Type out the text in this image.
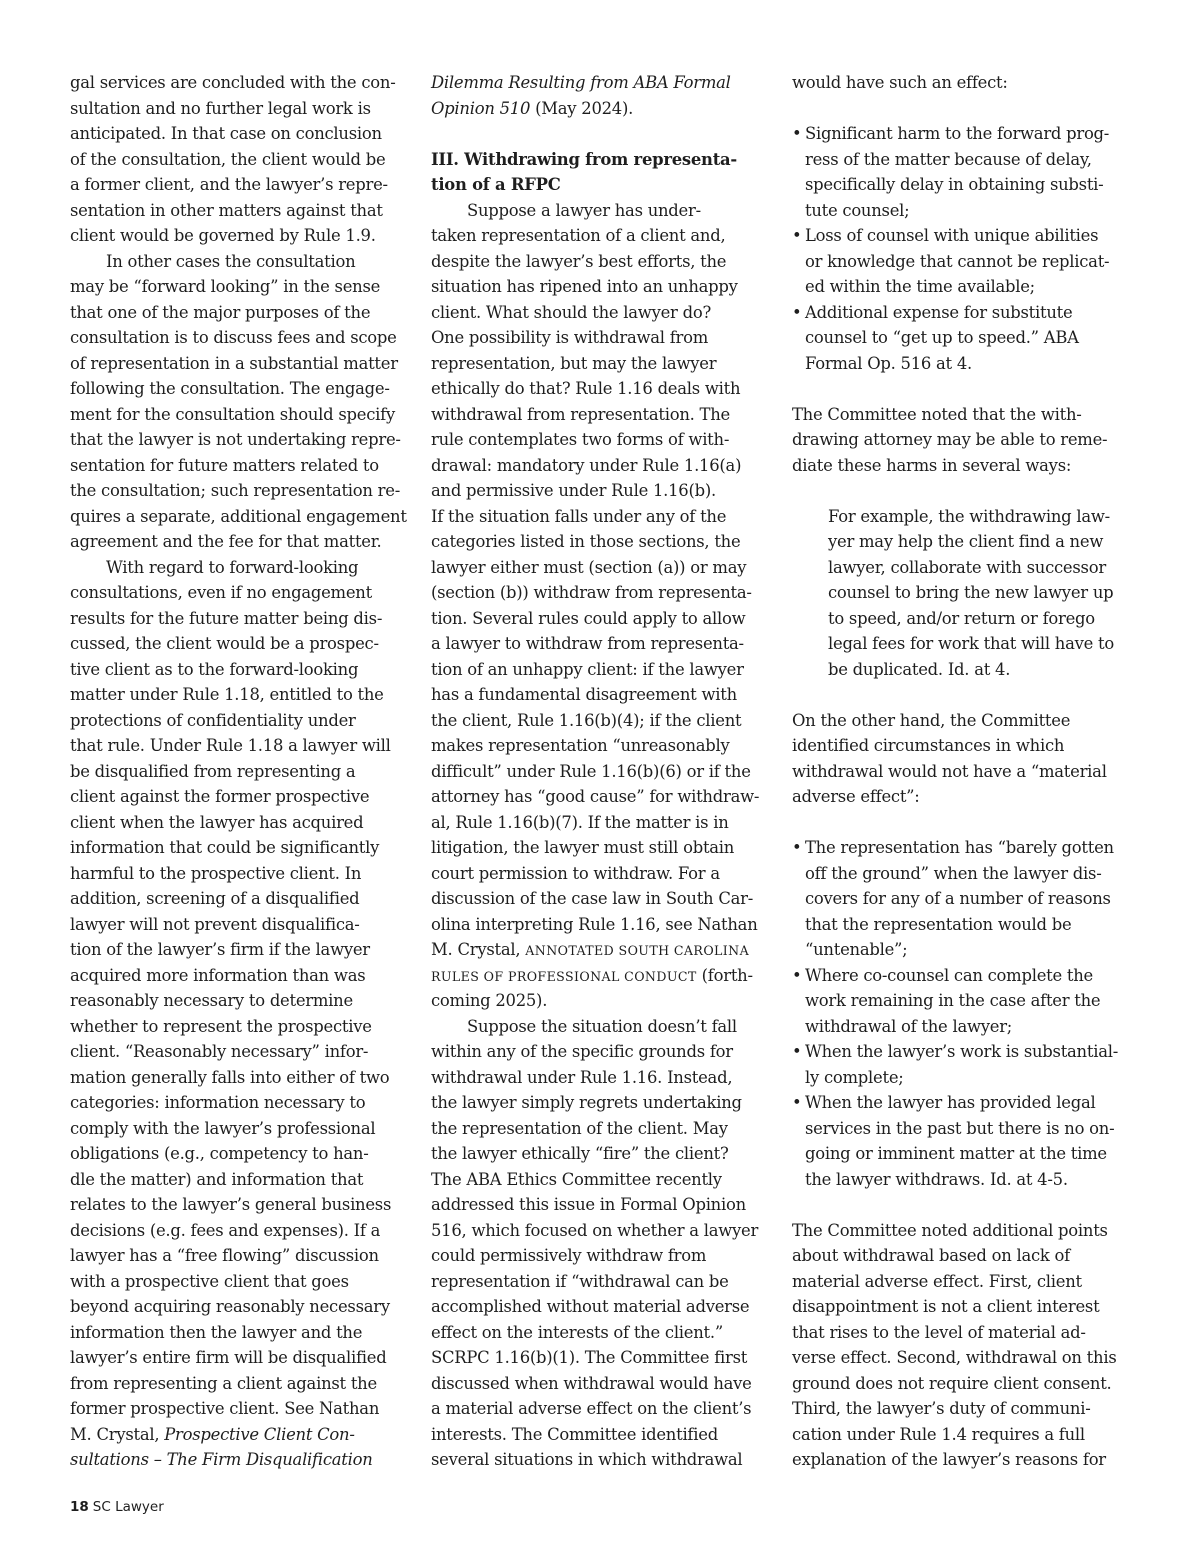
gal services are concluded with the con-
sultation and no further legal work is
anticipated. In that case on conclusion
of the consultation, the client would be
a former client, and the lawyer’s repre-
sentation in other matters against that
client would be governed by Rule 1.9.
In other cases the consultation
may be “forward looking” in the sense
that one of the major purposes of the
consultation is to discuss fees and scope
of representation in a substantial matter
following the consultation. The engage-
ment for the consultation should specify
that the lawyer is not undertaking repre-
sentation for future matters related to
the consultation; such representation re-
quires a separate, additional engagement
agreement and the fee for that matter.
With regard to forward-looking
consultations, even if no engagement
results for the future matter being dis-
cussed, the client would be a prospec-
tive client as to the forward-looking
matter under Rule 1.18, entitled to the
protections of confidentiality under
that rule. Under Rule 1.18 a lawyer will
be disqualified from representing a
client against the former prospective
client when the lawyer has acquired
information that could be significantly
harmful to the prospective client. In
addition, screening of a disqualified
lawyer will not prevent disqualifica-
tion of the lawyer’s firm if the lawyer
acquired more information than was
reasonably necessary to determine
whether to represent the prospective
client. “Reasonably necessary” infor-
mation generally falls into either of two
categories: information necessary to
comply with the lawyer’s professional
obligations (e.g., competency to han-
dle the matter) and information that
relates to the lawyer’s general business
decisions (e.g. fees and expenses). If a
lawyer has a “free flowing” discussion
with a prospective client that goes
beyond acquiring reasonably necessary
information then the lawyer and the
lawyer’s entire firm will be disqualified
from representing a client against the
former prospective client. See Nathan
M. Crystal, Prospective Client Con-
sultations – The Firm Disqualification
Dilemma Resulting from ABA Formal
Opinion 510 (May 2024).
III. Withdrawing from representa-
tion of a RFPC
Suppose a lawyer has under-
taken representation of a client and,
despite the lawyer’s best efforts, the
situation has ripened into an unhappy
client. What should the lawyer do?
One possibility is withdrawal from
representation, but may the lawyer
ethically do that? Rule 1.16 deals with
withdrawal from representation. The
rule contemplates two forms of with-
drawal: mandatory under Rule 1.16(a)
and permissive under Rule 1.16(b).
If the situation falls under any of the
categories listed in those sections, the
lawyer either must (section (a)) or may
(section (b)) withdraw from representa-
tion. Several rules could apply to allow
a lawyer to withdraw from representa-
tion of an unhappy client: if the lawyer
has a fundamental disagreement with
the client, Rule 1.16(b)(4); if the client
makes representation “unreasonably
difficult” under Rule 1.16(b)(6) or if the
attorney has “good cause” for withdraw-
al, Rule 1.16(b)(7). If the matter is in
litigation, the lawyer must still obtain
court permission to withdraw. For a
discussion of the case law in South Car-
olina interpreting Rule 1.16, see Nathan
M. Crystal, ANNOTATED SOUTH CAROLINA
RULES OF PROFESSIONAL CONDUCT (forth-
coming 2025).
Suppose the situation doesn’t fall
within any of the specific grounds for
withdrawal under Rule 1.16. Instead,
the lawyer simply regrets undertaking
the representation of the client. May
the lawyer ethically “fire” the client?
The ABA Ethics Committee recently
addressed this issue in Formal Opinion
516, which focused on whether a lawyer
could permissively withdraw from
representation if “withdrawal can be
accomplished without material adverse
effect on the interests of the client.”
SCRPC 1.16(b)(1). The Committee first
discussed when withdrawal would have
a material adverse effect on the client’s
interests. The Committee identified
several situations in which withdrawal
would have such an effect:
• Significant harm to the forward prog-
ress of the matter because of delay,
specifically delay in obtaining substi-
tute counsel;
• Loss of counsel with unique abilities
or knowledge that cannot be replicat-
ed within the time available;
• Additional expense for substitute
counsel to “get up to speed.” ABA
Formal Op. 516 at 4.
The Committee noted that the with-
drawing attorney may be able to reme-
diate these harms in several ways:
For example, the withdrawing law-
yer may help the client find a new
lawyer, collaborate with successor
counsel to bring the new lawyer up
to speed, and/or return or forego
legal fees for work that will have to
be duplicated. Id. at 4.
On the other hand, the Committee
identified circumstances in which
withdrawal would not have a “material
adverse effect”:
• The representation has “barely gotten
off the ground” when the lawyer dis-
covers for any of a number of reasons
that the representation would be
“untenable”;
• Where co-counsel can complete the
work remaining in the case after the
withdrawal of the lawyer;
• When the lawyer’s work is substantial-
ly complete;
• When the lawyer has provided legal
services in the past but there is no on-
going or imminent matter at the time
the lawyer withdraws. Id. at 4-5.
The Committee noted additional points
about withdrawal based on lack of
material adverse effect. First, client
disappointment is not a client interest
that rises to the level of material ad-
verse effect. Second, withdrawal on this
ground does not require client consent.
Third, the lawyer’s duty of communi-
cation under Rule 1.4 requires a full
explanation of the lawyer’s reasons for
18 SC Lawyer
